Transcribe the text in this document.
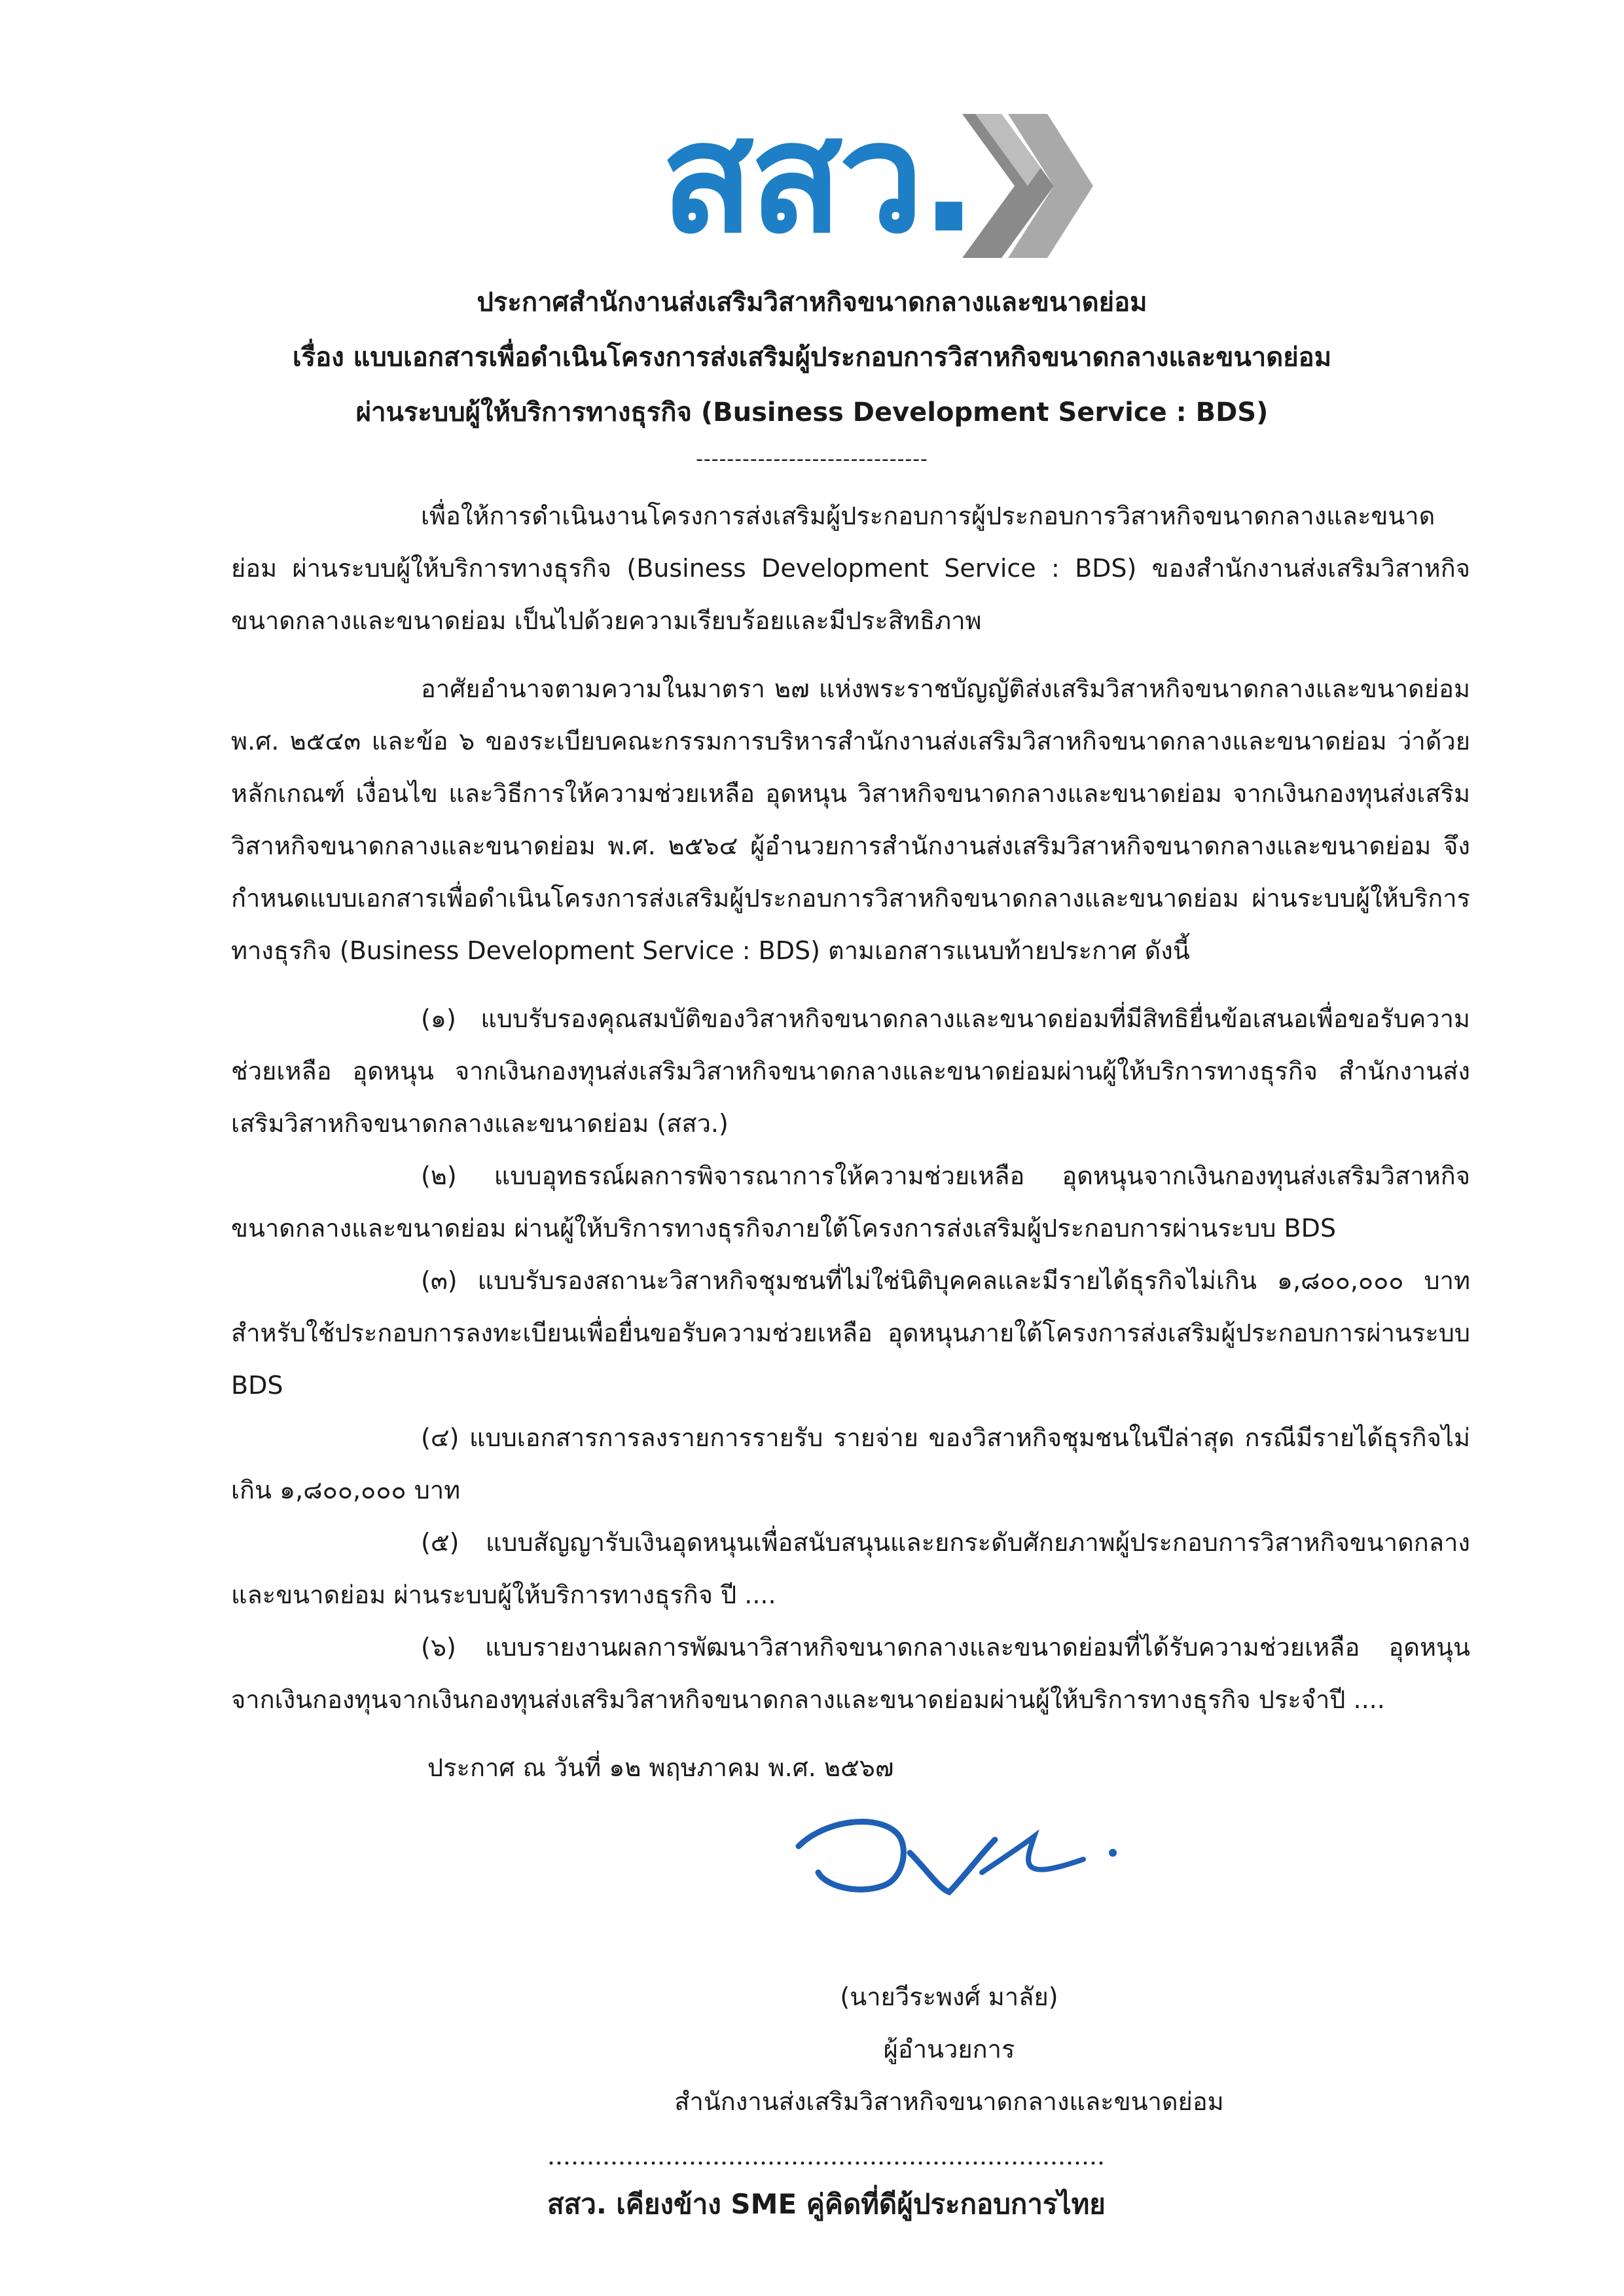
สสว.
ประกาศสำนักงานส่งเสริมวิสาหกิจขนาดกลางและขนาดย่อม
เรื่อง แบบเอกสารเพื่อดำเนินโครงการส่งเสริมผู้ประกอบการวิสาหกิจขนาดกลางและขนาดย่อม
ผ่านระบบผู้ให้บริการทางธุรกิจ (Business Development Service : BDS)
------------------------------

เพื่อให้การดำเนินงานโครงการส่งเสริมผู้ประกอบการผู้ประกอบการวิสาหกิจขนาดกลางและขนาดย่อม ผ่านระบบผู้ให้บริการทางธุรกิจ (Business Development Service : BDS) ของสำนักงานส่งเสริมวิสาหกิจขนาดกลางและขนาดย่อม เป็นไปด้วยความเรียบร้อยและมีประสิทธิภาพ

อาศัยอำนาจตามความในมาตรา ๒๗ แห่งพระราชบัญญัติส่งเสริมวิสาหกิจขนาดกลางและขนาดย่อม พ.ศ. ๒๕๔๓ และข้อ ๖ ของระเบียบคณะกรรมการบริหารสำนักงานส่งเสริมวิสาหกิจขนาดกลางและขนาดย่อม ว่าด้วยหลักเกณฑ์ เงื่อนไข และวิธีการให้ความช่วยเหลือ อุดหนุน วิสาหกิจขนาดกลางและขนาดย่อม จากเงินกองทุนส่งเสริมวิสาหกิจขนาดกลางและขนาดย่อม พ.ศ. ๒๕๖๔ ผู้อำนวยการสำนักงานส่งเสริมวิสาหกิจขนาดกลางและขนาดย่อม จึงกำหนดแบบเอกสารเพื่อดำเนินโครงการส่งเสริมผู้ประกอบการวิสาหกิจขนาดกลางและขนาดย่อม ผ่านระบบผู้ให้บริการทางธุรกิจ (Business Development Service : BDS) ตามเอกสารแนบท้ายประกาศ ดังนี้

(๑) แบบรับรองคุณสมบัติของวิสาหกิจขนาดกลางและขนาดย่อมที่มีสิทธิยื่นข้อเสนอเพื่อขอรับความช่วยเหลือ อุดหนุน จากเงินกองทุนส่งเสริมวิสาหกิจขนาดกลางและขนาดย่อมผ่านผู้ให้บริการทางธุรกิจ สำนักงานส่งเสริมวิสาหกิจขนาดกลางและขนาดย่อม (สสว.)

(๒) แบบอุทธรณ์ผลการพิจารณาการให้ความช่วยเหลือ อุดหนุนจากเงินกองทุนส่งเสริมวิสาหกิจขนาดกลางและขนาดย่อม ผ่านผู้ให้บริการทางธุรกิจภายใต้โครงการส่งเสริมผู้ประกอบการผ่านระบบ BDS

(๓) แบบรับรองสถานะวิสาหกิจชุมชนที่ไม่ใช่นิติบุคคลและมีรายได้ธุรกิจไม่เกิน ๑,๘๐๐,๐๐๐ บาท สำหรับใช้ประกอบการลงทะเบียนเพื่อยื่นขอรับความช่วยเหลือ อุดหนุนภายใต้โครงการส่งเสริมผู้ประกอบการผ่านระบบ BDS

(๔) แบบเอกสารการลงรายการรายรับ รายจ่าย ของวิสาหกิจชุมชนในปีล่าสุด กรณีมีรายได้ธุรกิจไม่เกิน ๑,๘๐๐,๐๐๐ บาท

(๕) แบบสัญญารับเงินอุดหนุนเพื่อสนับสนุนและยกระดับศักยภาพผู้ประกอบการวิสาหกิจขนาดกลางและขนาดย่อม ผ่านระบบผู้ให้บริการทางธุรกิจ ปี ....

(๖) แบบรายงานผลการพัฒนาวิสาหกิจขนาดกลางและขนาดย่อมที่ได้รับความช่วยเหลือ อุดหนุนจากเงินกองทุนจากเงินกองทุนส่งเสริมวิสาหกิจขนาดกลางและขนาดย่อมผ่านผู้ให้บริการทางธุรกิจ ประจำปี ....

ประกาศ ณ วันที่ ๑๒ พฤษภาคม พ.ศ. ๒๕๖๗

(นายวีระพงศ์ มาลัย)
ผู้อำนวยการ
สำนักงานส่งเสริมวิสาหกิจขนาดกลางและขนาดย่อม
สสว. เคียงข้าง SME คู่คิดที่ดีผู้ประกอบการไทย
